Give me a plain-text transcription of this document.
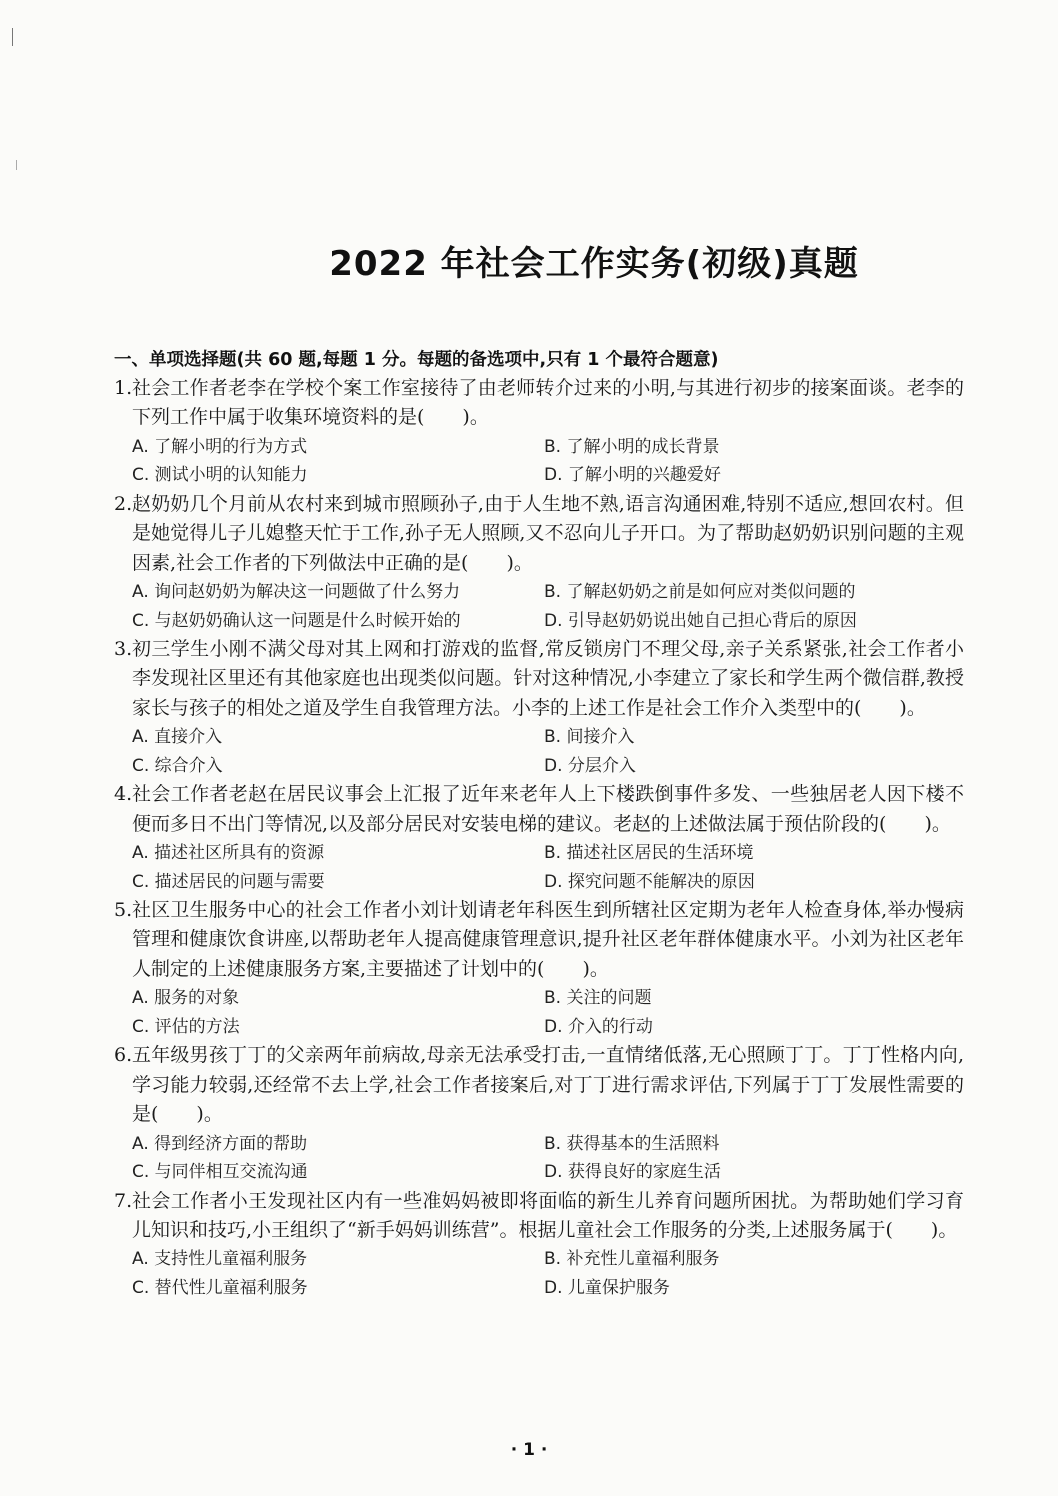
2022 年社会工作实务(初级)真题
一、单项选择题(共 60 题,每题 1 分。每题的备选项中,只有 1 个最符合题意)
1. 社会工作者老李在学校个案工作室接待了由老师转介过来的小明,与其进行初步的接案面谈。老李的下列工作中属于收集环境资料的是(　　)。
A. 了解小明的行为方式	B. 了解小明的成长背景
C. 测试小明的认知能力	D. 了解小明的兴趣爱好
2. 赵奶奶几个月前从农村来到城市照顾孙子,由于人生地不熟,语言沟通困难,特别不适应,想回农村。但是她觉得儿子儿媳整天忙于工作,孙子无人照顾,又不忍向儿子开口。为了帮助赵奶奶识别问题的主观因素,社会工作者的下列做法中正确的是(　　)。
A. 询问赵奶奶为解决这一问题做了什么努力	B. 了解赵奶奶之前是如何应对类似问题的
C. 与赵奶奶确认这一问题是什么时候开始的	D. 引导赵奶奶说出她自己担心背后的原因
3. 初三学生小刚不满父母对其上网和打游戏的监督,常反锁房门不理父母,亲子关系紧张,社会工作者小李发现社区里还有其他家庭也出现类似问题。针对这种情况,小李建立了家长和学生两个微信群,教授家长与孩子的相处之道及学生自我管理方法。小李的上述工作是社会工作介入类型中的(　　)。
A. 直接介入	B. 间接介入
C. 综合介入	D. 分层介入
4. 社会工作者老赵在居民议事会上汇报了近年来老年人上下楼跌倒事件多发、一些独居老人因下楼不便而多日不出门等情况,以及部分居民对安装电梯的建议。老赵的上述做法属于预估阶段的(　　)。
A. 描述社区所具有的资源	B. 描述社区居民的生活环境
C. 描述居民的问题与需要	D. 探究问题不能解决的原因
5. 社区卫生服务中心的社会工作者小刘计划请老年科医生到所辖社区定期为老年人检查身体,举办慢病管理和健康饮食讲座,以帮助老年人提高健康管理意识,提升社区老年群体健康水平。小刘为社区老年人制定的上述健康服务方案,主要描述了计划中的(　　)。
A. 服务的对象	B. 关注的问题
C. 评估的方法	D. 介入的行动
6. 五年级男孩丁丁的父亲两年前病故,母亲无法承受打击,一直情绪低落,无心照顾丁丁。丁丁性格内向,学习能力较弱,还经常不去上学,社会工作者接案后,对丁丁进行需求评估,下列属于丁丁发展性需要的是(　　)。
A. 得到经济方面的帮助	B. 获得基本的生活照料
C. 与同伴相互交流沟通	D. 获得良好的家庭生活
7. 社会工作者小王发现社区内有一些准妈妈被即将面临的新生儿养育问题所困扰。为帮助她们学习育儿知识和技巧,小王组织了“新手妈妈训练营”。根据儿童社会工作服务的分类,上述服务属于(　　)。
A. 支持性儿童福利服务	B. 补充性儿童福利服务
C. 替代性儿童福利服务	D. 儿童保护服务
· 1 ·
